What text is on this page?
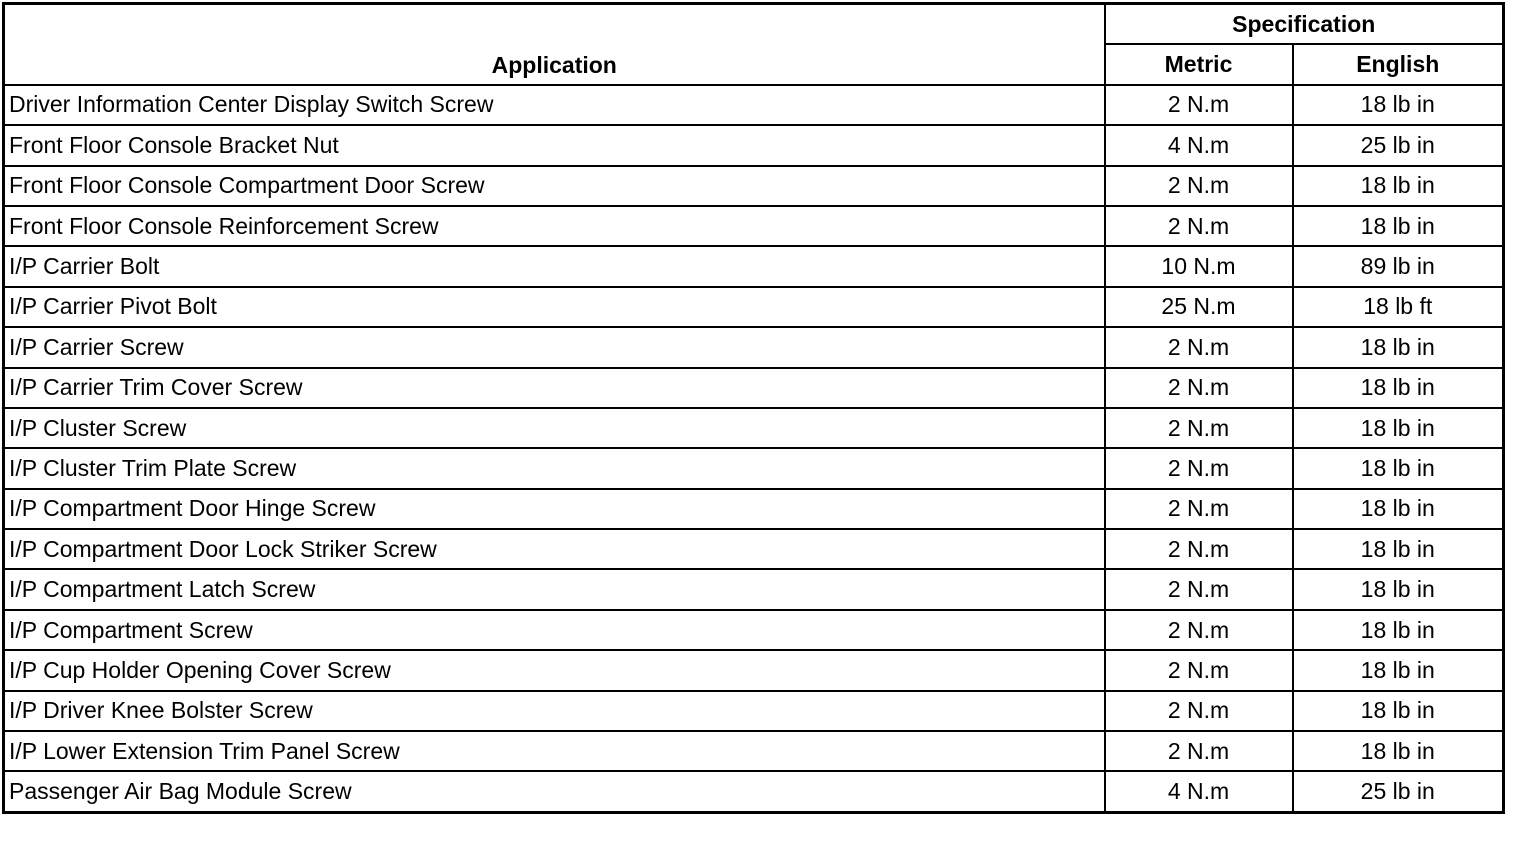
Application	Specification	
	Metric	English
Driver Information Center Display Switch Screw	2 N.m	18 lb in
Front Floor Console Bracket Nut	4 N.m	25 lb in
Front Floor Console Compartment Door Screw	2 N.m	18 lb in
Front Floor Console Reinforcement Screw	2 N.m	18 lb in
I/P Carrier Bolt	10 N.m	89 lb in
I/P Carrier Pivot Bolt	25 N.m	18 lb ft
I/P Carrier Screw	2 N.m	18 lb in
I/P Carrier Trim Cover Screw	2 N.m	18 lb in
I/P Cluster Screw	2 N.m	18 lb in
I/P Cluster Trim Plate Screw	2 N.m	18 lb in
I/P Compartment Door Hinge Screw	2 N.m	18 lb in
I/P Compartment Door Lock Striker Screw	2 N.m	18 lb in
I/P Compartment Latch Screw	2 N.m	18 lb in
I/P Compartment Screw	2 N.m	18 lb in
I/P Cup Holder Opening Cover Screw	2 N.m	18 lb in
I/P Driver Knee Bolster Screw	2 N.m	18 lb in
I/P Lower Extension Trim Panel Screw	2 N.m	18 lb in
Passenger Air Bag Module Screw	4 N.m	25 lb in
